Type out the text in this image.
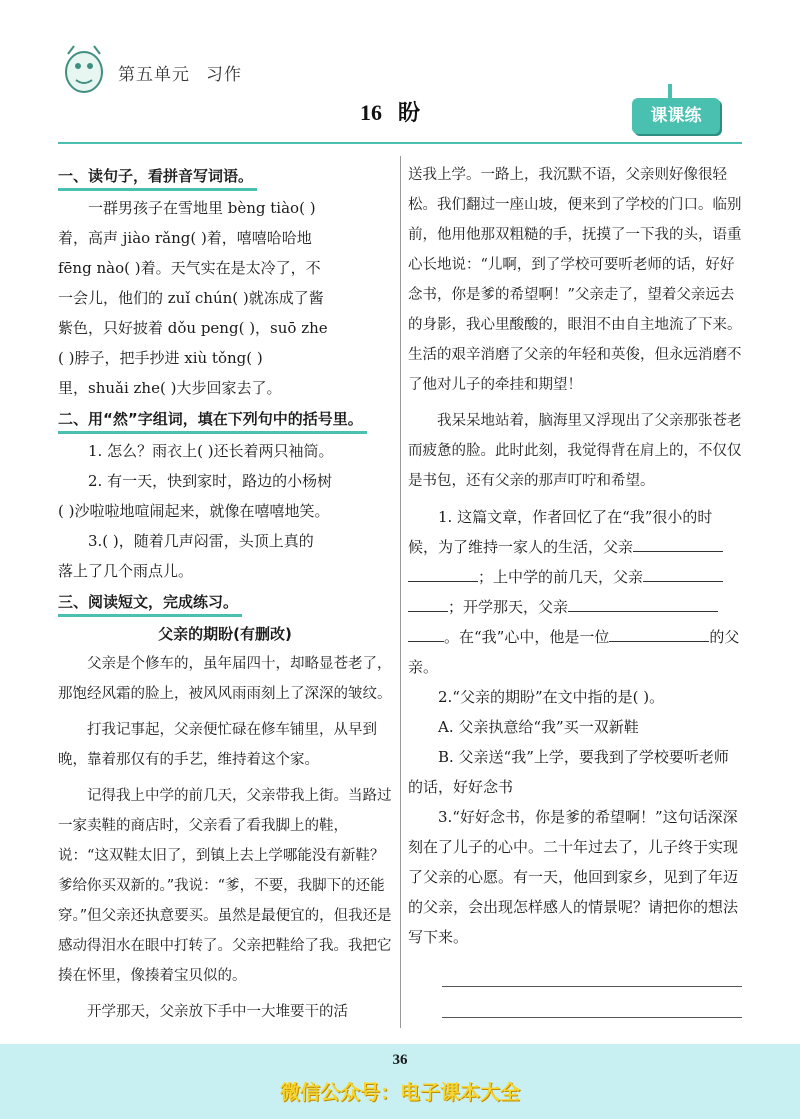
第五单元 习作
16 盼	课课练
一、读句子，看拼音写词语。
一群男孩子在雪地里 bèng tiào( )
着，高声 jiào rǎng( )着，嘻嘻哈哈地
fēng nào( )着。天气实在是太冷了，不
一会儿，他们的 zuǐ chún( )就冻成了酱
紫色，只好披着 dǒu peng( )，suō zhe
( )脖子，把手抄进 xiù tǒng( )
里，shuǎi zhe( )大步回家去了。
二、用“然”字组词，填在下列句中的括号里。
1. 怎么？雨衣上( )还长着两只袖筒。
2. 有一天，快到家时，路边的小杨树
( )沙啦啦地喧闹起来，就像在嘻嘻地笑。
3.( )，随着几声闷雷，头顶上真的
落上了几个雨点儿。
三、阅读短文，完成练习。
父亲的期盼(有删改)
父亲是个修车的，虽年届四十，却略显苍老了，那饱经风霜的脸上，被风风雨雨刻上了深深的皱纹。
打我记事起，父亲便忙碌在修车铺里，从早到晚，靠着那仅有的手艺，维持着这个家。
记得我上中学的前几天，父亲带我上街。当路过一家卖鞋的商店时，父亲看了看我脚上的鞋，说：“这双鞋太旧了，到镇上去上学哪能没有新鞋？爹给你买双新的。”我说：“爹，不要，我脚下的还能穿。”但父亲还执意要买。虽然是最便宜的，但我还是感动得泪水在眼中打转了。父亲把鞋给了我。我把它揍在怀里，像揍着宝贝似的。
开学那天，父亲放下手中一大堆要干的活
送我上学。一路上，我沉默不语，父亲则好像很轻松。我们翻过一座山坡，便来到了学校的门口。临别前，他用他那双粗糙的手，抚摸了一下我的头，语重心长地说：“儿啊，到了学校可要听老师的话，好好念书，你是爹的希望啊！”父亲走了，望着父亲远去的身影，我心里酸酸的，眼泪不由自主地流了下来。生活的艰辛消磨了父亲的年轻和英俊，但永远消磨不了他对儿子的牵挂和期望！
我呆呆地站着，脑海里又浮现出了父亲那张苍老而疲惫的脸。此时此刻，我觉得背在肩上的，不仅仅是书包，还有父亲的那声叮咛和希望。
1. 这篇文章，作者回忆了在“我”很小的时候，为了维持一家人的生活，父亲；上中学的前几天，父亲；开学那天，父亲。在“我”心中，他是一位	的父亲。
2.“父亲的期盼”在文中指的是( )。
A. 父亲执意给“我”买一双新鞋
B. 父亲送“我”上学，要我到了学校要听老师的话，好好念书
3.“好好念书，你是爹的希望啊！”这句话深深刻在了儿子的心中。二十年过去了，儿子终于实现了父亲的心愿。有一天，他回到家乡，见到了年迈的父亲，会出现怎样感人的情景呢？请把你的想法写下来。
36
微信公众号：电子课本大全
